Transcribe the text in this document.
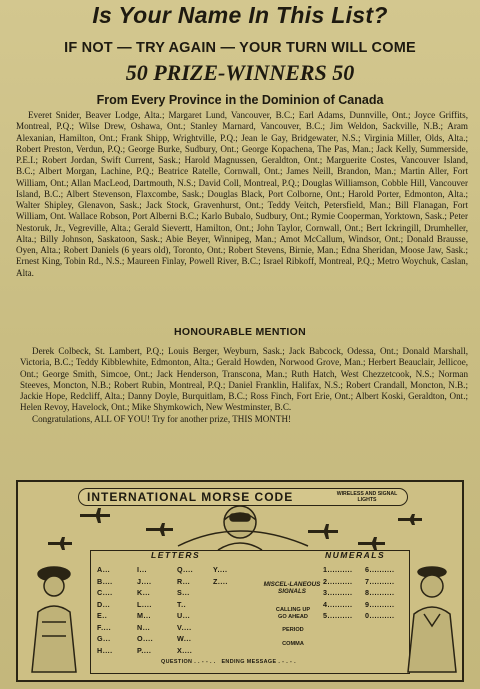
Is Your Name In This List?
IF NOT — TRY AGAIN — YOUR TURN WILL COME
50 PRIZE-WINNERS 50
From Every Province in the Dominion of Canada
Everet Snider, Beaver Lodge, Alta.; Margaret Lund, Vancouver, B.C.; Earl Adams, Dunnville, Ont.; Joyce Griffits, Montreal, P.Q.; Wilse Drew, Oshawa, Ont.; Stanley Marnard, Vancouver, B.C.; Jim Weldon, Sackville, N.B.; Aram Alexanian, Hamilton, Ont.; Frank Shipp, Wrightville, P.Q.; Jean le Gay, Bridgewater, N.S.; Virginia Miller, Olds, Alta.; Robert Preston, Verdun, P.Q.; George Burke, Sudbury, Ont.; George Kopachena, The Pas, Man.; Jack Kelly, Summerside, P.E.I.; Robert Jordan, Swift Current, Sask.; Harold Magnussen, Geraldton, Ont.; Marguerite Costes, Vancouver Island, B.C.; Albert Morgan, Lachine, P.Q.; Beatrice Ratelle, Cornwall, Ont.; James Neill, Brandon, Man.; Martin Aller, Fort William, Ont.; Allan MacLeod, Dartmouth, N.S.; David Coll, Montreal, P.Q.; Douglas Williamson, Cobble Hill, Vancouver Island, B.C.; Albert Stevenson, Flaxcombe, Sask.; Douglas Black, Port Colborne, Ont.; Harold Porter, Edmonton, Alta.; Walter Shipley, Glenavon, Sask.; Jack Stock, Gravenhurst, Ont.; Teddy Veitch, Petersfield, Man.; Bill Flanagan, Fort William, Ont. Wallace Robson, Port Alberni B.C.; Karlo Bubalo, Sudbury, Ont.; Rymie Cooperman, Yorktown, Sask.; Peter Nestoruk, Jr., Vegreville, Alta.; Gerald Sievertt, Hamilton, Ont.; John Taylor, Cornwall, Ont.; Bert Ickringill, Drumheller, Alta.; Billy Johnson, Saskatoon, Sask.; Abie Beyer, Winnipeg, Man.; Amot McCallum, Windsor, Ont.; Donald Brausse, Oyen, Alta.; Robert Daniels (6 years old), Toronto, Ont.; Robert Stevens, Birnie, Man.; Edna Sheridan, Moose Jaw, Sask.; Ernest King, Tobin Rd., N.S.; Maureen Finlay, Powell River, B.C.; Israel Ribkoff, Montreal, P.Q.; Metro Woychuk, Caslan, Alta.
HONOURABLE MENTION
Derek Colbeck, St. Lambert, P.Q.; Louis Berger, Weyburn, Sask.; Jack Babcock, Odessa, Ont.; Donald Marshall, Victoria, B.C.; Teddy Kibblewhite, Edmonton, Alta.; Gerald Howden, Norwood Grove, Man.; Herbert Beauclair, Jellicoe, Ont.; George Smith, Simcoe, Ont.; Jack Henderson, Transcona, Man.; Ruth Hatch, West Chezzetcook, N.S.; Norman Steeves, Moncton, N.B.; Robert Rubin, Montreal, P.Q.; Daniel Franklin, Halifax, N.S.; Robert Crandall, Moncton, N.B.; Jackie Hope, Redcliff, Alta.; Danny Doyle, Burquitlam, B.C.; Ross Finch, Fort Erie, Ont.; Albert Koski, Geraldton, Ont.; Helen Revoy, Havelock, Ont.; Mike Shymkowich, New Westminster, B.C.
Congratulations, ALL OF YOU! Try for another prize, THIS MONTH!
INTERNATIONAL MORSE CODE	WIRELESS AND SIGNAL LIGHTS
LETTERS	NUMERALS
A...	I...	Q....	Y....
B....	J....	R...	Z....
C....	K...	S...
D...	L....	T..
E..	M...	U...
F....	N...	V....
G...	O....	W...
H....	P....	X....
1.......... 6..........
2.......... 7..........
3.......... 8..........
4.......... 9..........
5.......... 0..........
MISCEL-LANEOUS SIGNALS
CALLING UP
GO AHEAD
PERIOD
COMMA
QUESTION . . - - . .   ENDING MESSAGE . - . - .
